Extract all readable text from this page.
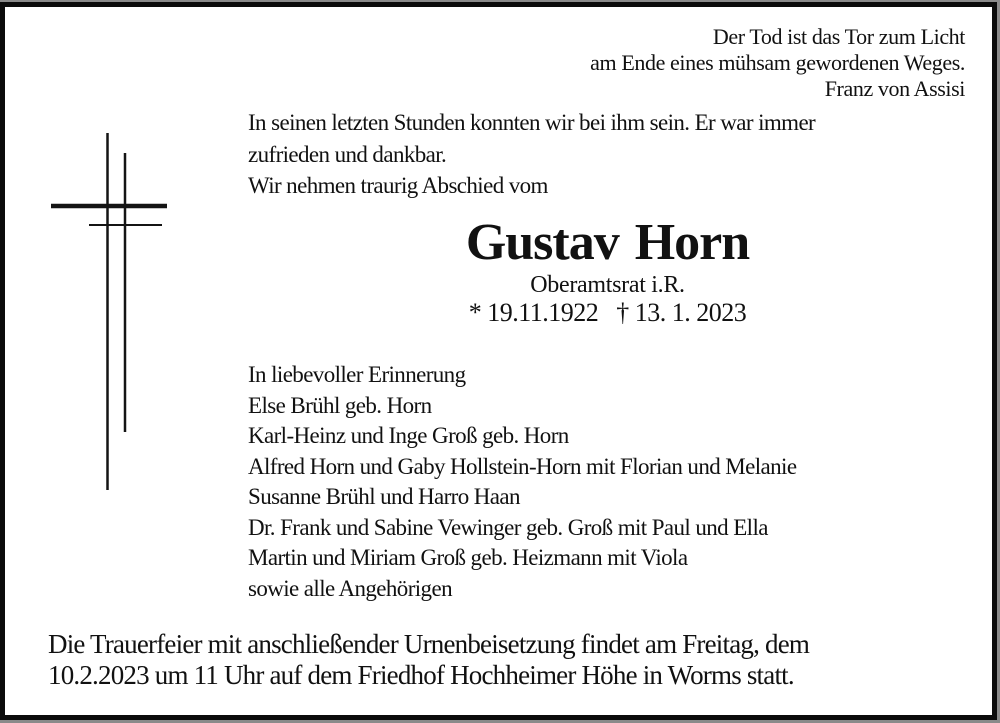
Der Tod ist das Tor zum Licht
am Ende eines mühsam gewordenen Weges.
Franz von Assisi
In seinen letzten Stunden konnten wir bei ihm sein. Er war immer
zufrieden und dankbar.
Wir nehmen traurig Abschied vom
Gustav Horn
Oberamtsrat i.R.
* 19.11.1922 † 13. 1. 2023
In liebevoller Erinnerung
Else Brühl geb. Horn
Karl-Heinz und Inge Groß geb. Horn
Alfred Horn und Gaby Hollstein-Horn mit Florian und Melanie
Susanne Brühl und Harro Haan
Dr. Frank und Sabine Vewinger geb. Groß mit Paul und Ella
Martin und Miriam Groß geb. Heizmann mit Viola
sowie alle Angehörigen
Die Trauerfeier mit anschließender Urnenbeisetzung findet am Freitag, dem
10.2.2023 um 11 Uhr auf dem Friedhof Hochheimer Höhe in Worms statt.
